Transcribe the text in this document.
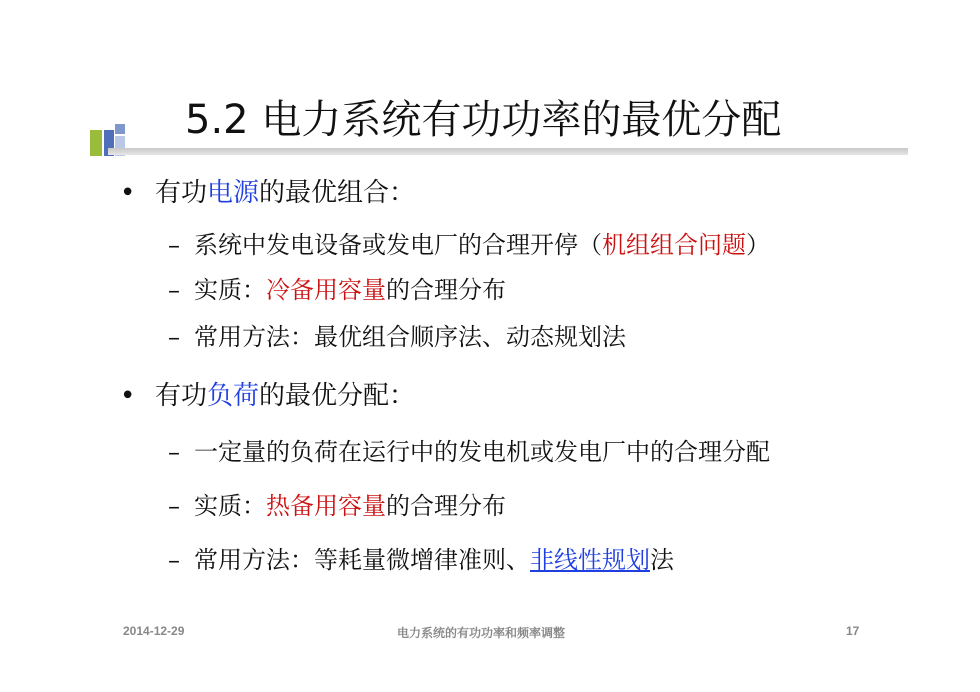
5.2 电力系统有功功率的最优分配
• 有功电源的最优组合：
– 系统中发电设备或发电厂的合理开停（机组组合问题）
– 实质：冷备用容量的合理分布
– 常用方法：最优组合顺序法、动态规划法
• 有功负荷的最优分配：
– 一定量的负荷在运行中的发电机或发电厂中的合理分配
– 实质：热备用容量的合理分布
– 常用方法：等耗量微增律准则、非线性规划法
2014-12-29	电力系统的有功功率和频率调整	17
